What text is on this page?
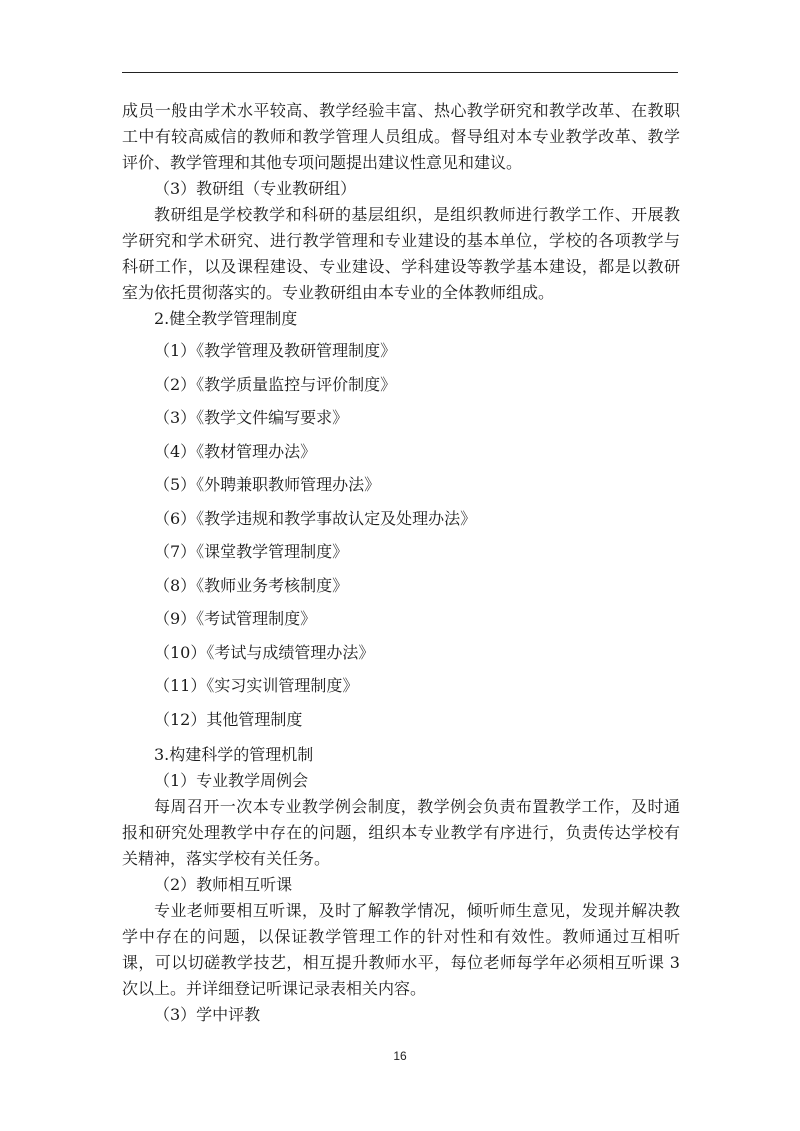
成员一般由学术水平较高、教学经验丰富、热心教学研究和教学改革、在教职工中有较高威信的教师和教学管理人员组成。督导组对本专业教学改革、教学评价、教学管理和其他专项问题提出建议性意见和建议。

（3）教研组（专业教研组）

教研组是学校教学和科研的基层组织，是组织教师进行教学工作、开展教学研究和学术研究、进行教学管理和专业建设的基本单位，学校的各项教学与科研工作，以及课程建设、专业建设、学科建设等教学基本建设，都是以教研室为依托贯彻落实的。专业教研组由本专业的全体教师组成。

2.健全教学管理制度

（1）《教学管理及教研管理制度》
（2）《教学质量监控与评价制度》
（3）《教学文件编写要求》
（4）《教材管理办法》
（5）《外聘兼职教师管理办法》
（6）《教学违规和教学事故认定及处理办法》
（7）《课堂教学管理制度》
（8）《教师业务考核制度》
（9）《考试管理制度》
（10）《考试与成绩管理办法》
（11）《实习实训管理制度》
（12）其他管理制度

3.构建科学的管理机制

（1）专业教学周例会

每周召开一次本专业教学例会制度，教学例会负责布置教学工作，及时通报和研究处理教学中存在的问题，组织本专业教学有序进行，负责传达学校有关精神，落实学校有关任务。

（2）教师相互听课

专业老师要相互听课，及时了解教学情况，倾听师生意见，发现并解决教学中存在的问题，以保证教学管理工作的针对性和有效性。教师通过互相听课，可以切磋教学技艺，相互提升教师水平，每位老师每学年必须相互听课 3 次以上。并详细登记听课记录表相关内容。

（3）学中评教

16
